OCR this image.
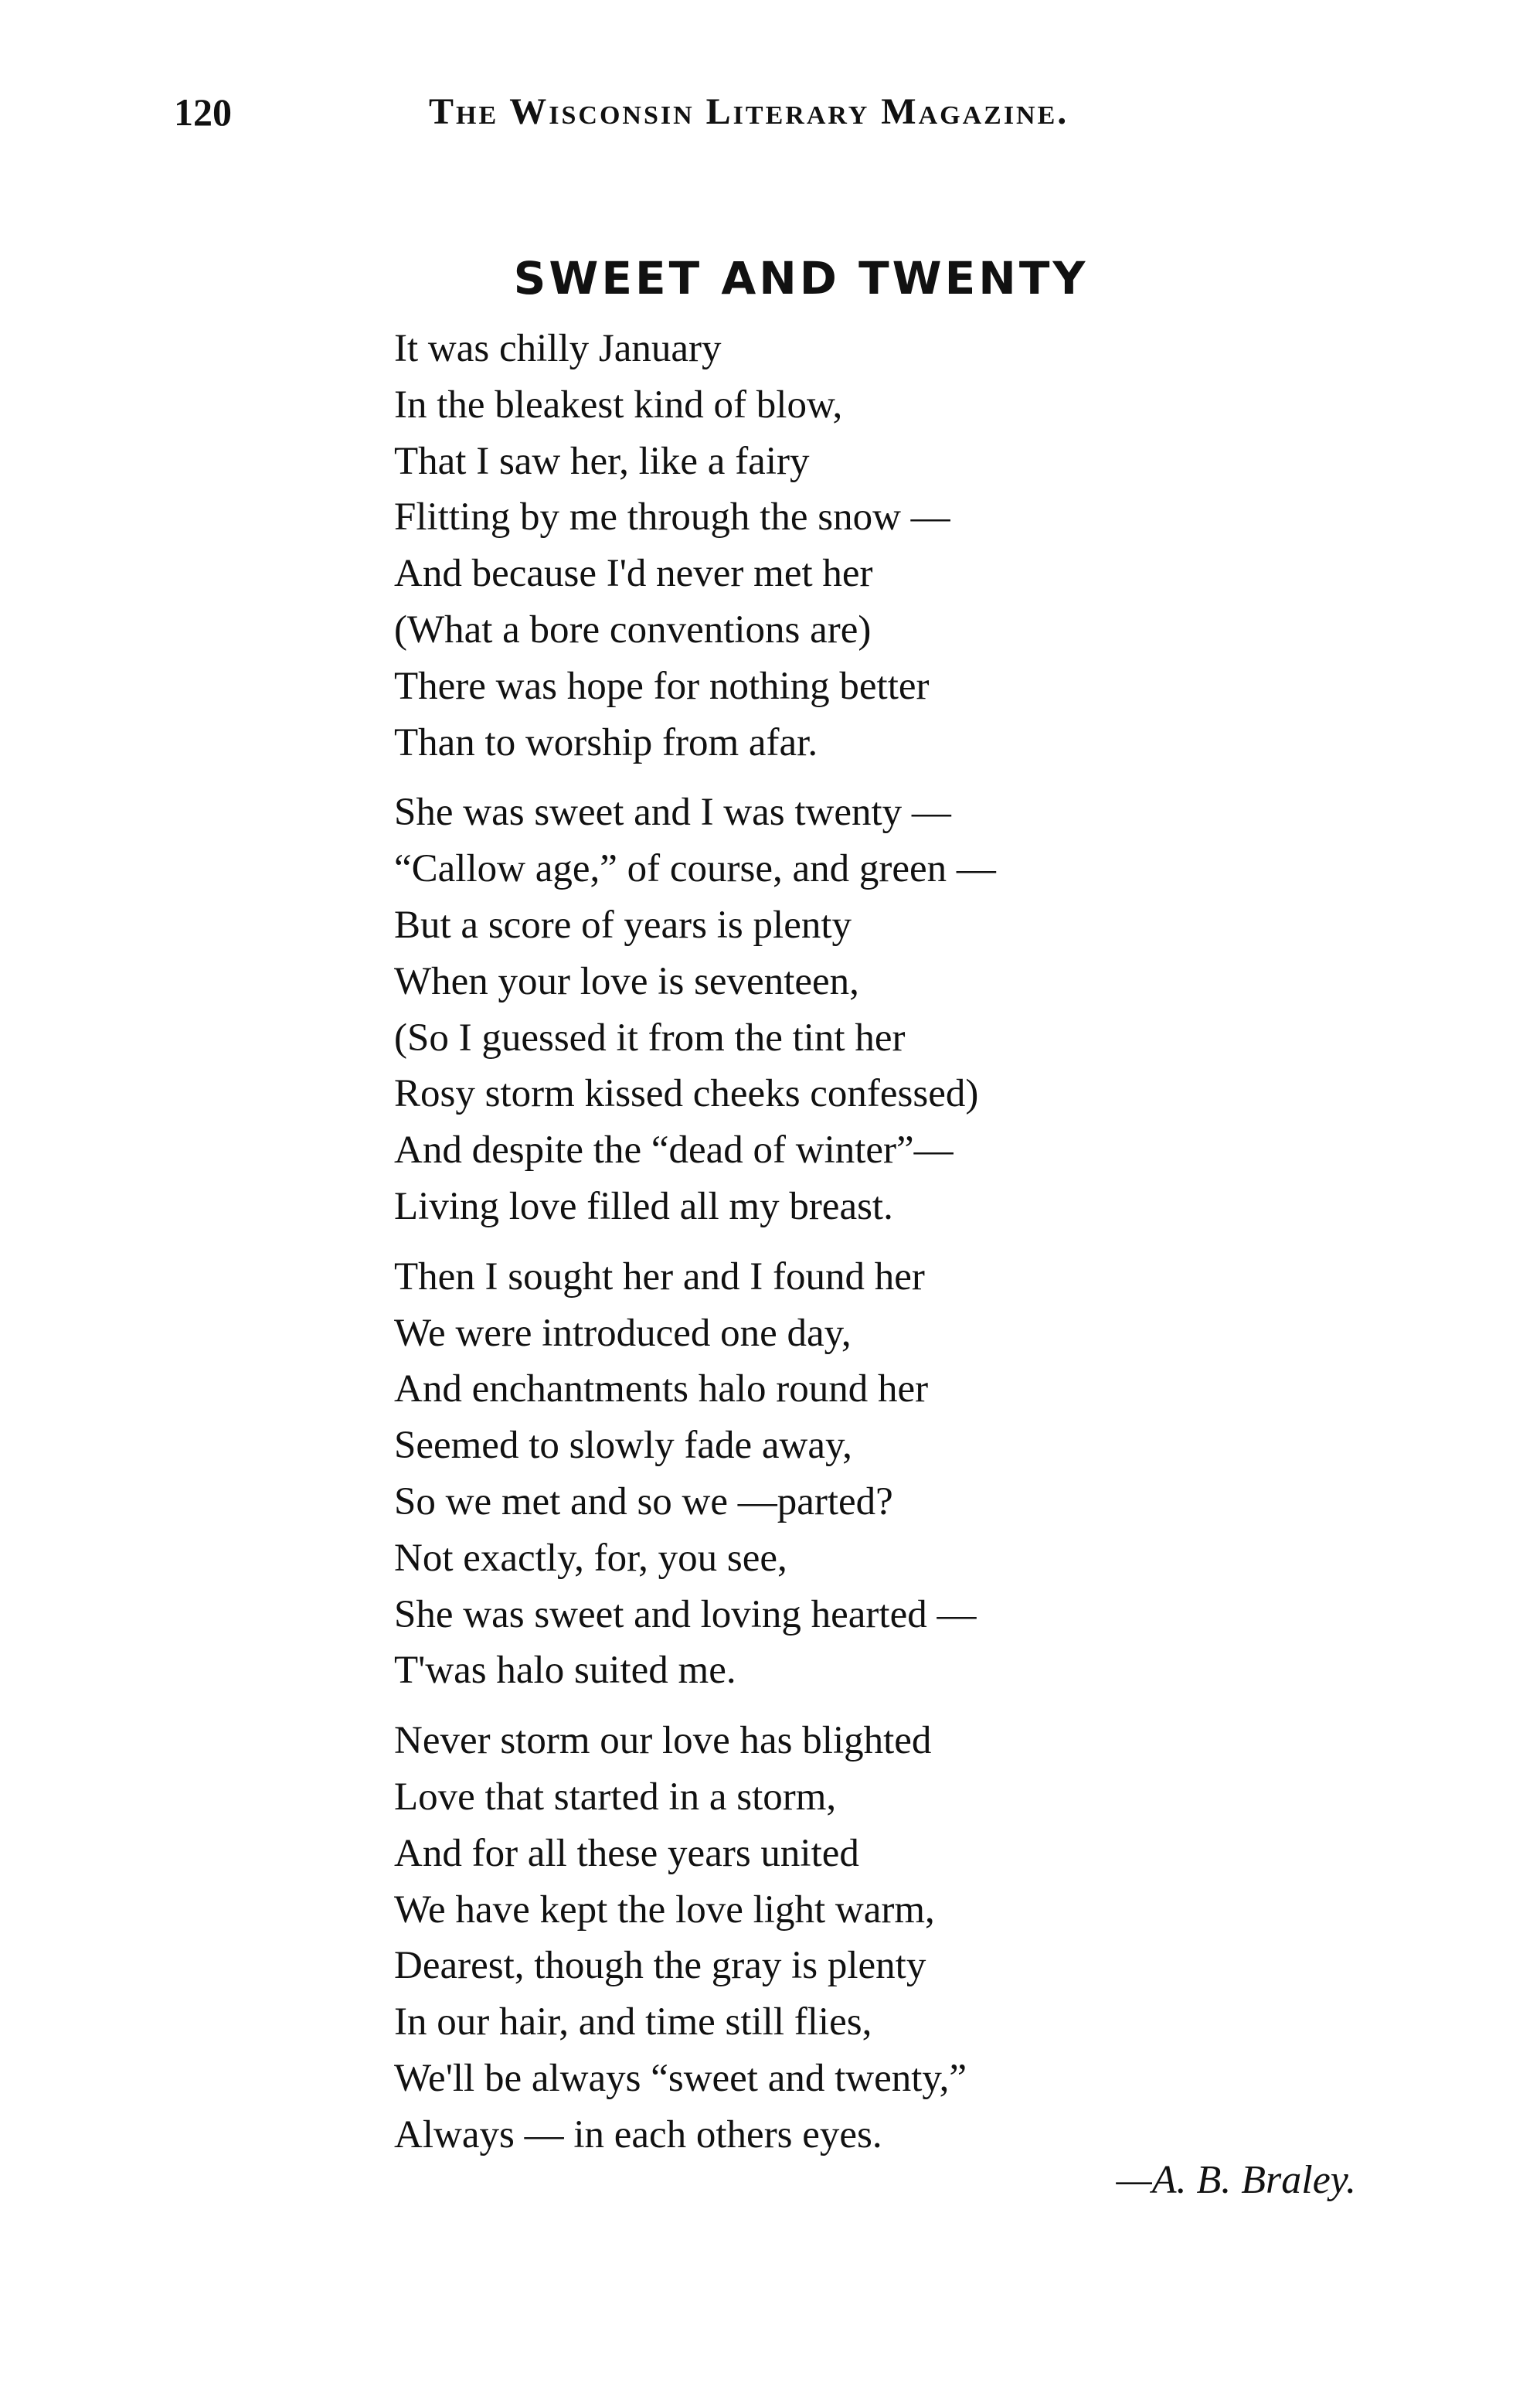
120	The Wisconsin Literary Magazine.
SWEET AND TWENTY
It was chilly January
In the bleakest kind of blow,
That I saw her, like a fairy
Flitting by me through the snow —
And because I'd never met her
(What a bore conventions are)
There was hope for nothing better
Than to worship from afar.
She was sweet and I was twenty —
“Callow age,” of course, and green —
But a score of years is plenty
When your love is seventeen,
(So I guessed it from the tint her
Rosy storm kissed cheeks confessed)
And despite the “dead of winter”—
Living love filled all my breast.
Then I sought her and I found her
We were introduced one day,
And enchantments halo round her
Seemed to slowly fade away,
So we met and so we —parted?
Not exactly, for, you see,
She was sweet and loving hearted —
T'was halo suited me.
Never storm our love has blighted
Love that started in a storm,
And for all these years united
We have kept the love light warm,
Dearest, though the gray is plenty
In our hair, and time still flies,
We'll be always “sweet and twenty,”
Always — in each others eyes.
—A. B. Braley.
